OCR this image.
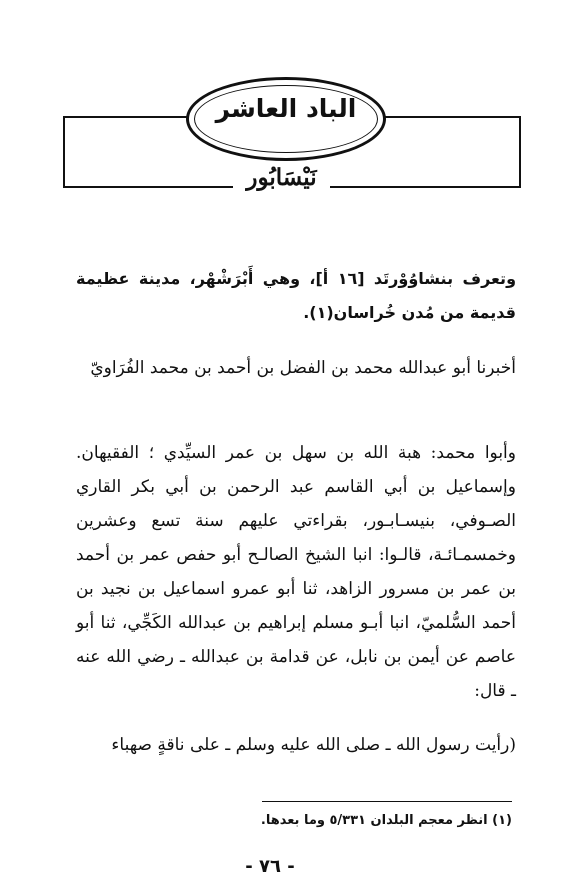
الباد العاشر
نَيْسَابُور
وتعرف بنشاوُوْرتَد [١٦ أ]، وهي أَبْرَشْهْر، مدينة عظيمة قديمة من مُدن خُراسان(١).
أخبرنا أبو عبدالله محمد بن الفضل بن أحمد بن محمد الفُرَاويّ
وأبوا محمد: هبة الله بن سهل بن عمر السيِّدي ؛ الفقيهان. وإسماعيل بن أبي القاسم عبد الرحمن بن أبي بكر القاري الصـوفي، بنيسـابـور، بقراءتي عليهم سنة تسع وعشرين وخمسمـائـة، قالـوا: انبا الشيخ الصالـح أبو حفص عمر بن أحمد بن عمر بن مسرور الزاهد، ثنا أبو عمرو اسماعيل بن نجيد بن أحمد السُّلميّ، انبا أبـو مسلم إبراهيم بن عبدالله الكَجِّي، ثنا أبو عاصم عن أيمن بن نابل، عن قدامة بن عبدالله ـ رضي الله عنه ـ قال:
(رأيت رسول الله ـ صلى الله عليه وسلم ـ على ناقةٍ صهباء
(١) انظر معجم البلدان ٥/٣٣١ وما بعدها.
- ٧٦ -
